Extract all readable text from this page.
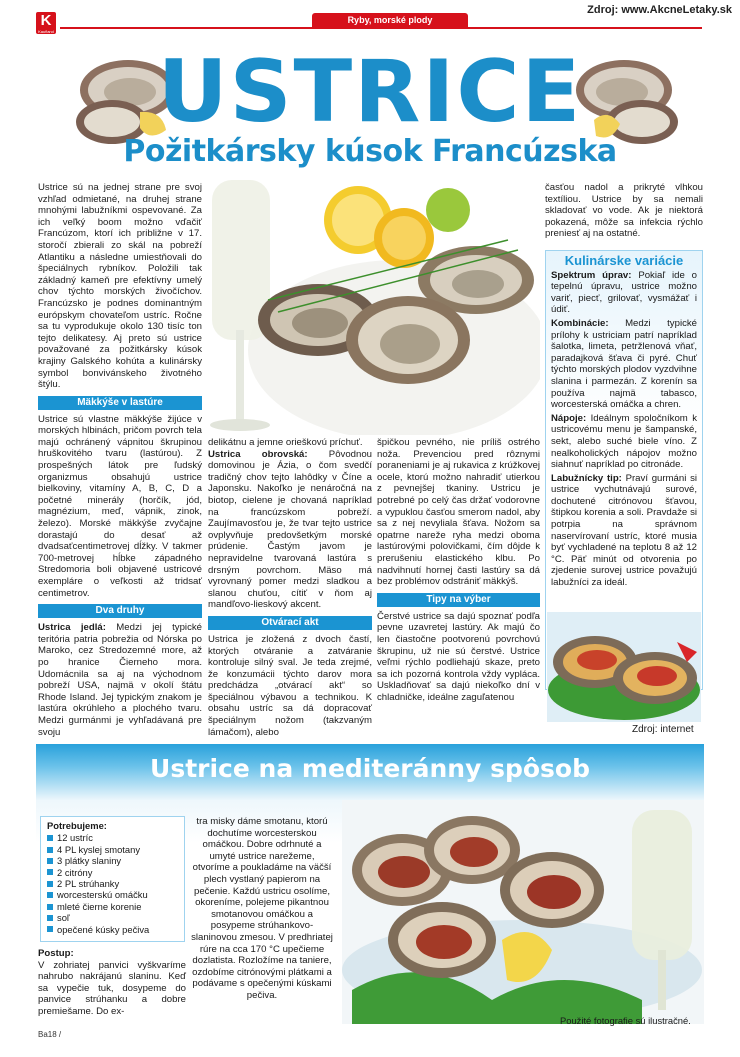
Zdroj: www.AkcneLetaky.sk
K
Kaufland
Ryby, morské plody
USTRICE
Požitkársky kúsok Francúzska

Ustrice sú na jednej strane pre svoj vzhľad odmietané, na druhej strane mnohými labužníkmi ospevované. Za ich veľký boom možno vďačiť Francúzom, ktorí ich približne v 17. storočí zbierali zo skál na pobreží Atlantiku a následne umiestňovali do špeciálnych rybníkov. Položili tak základný kameň pre efektívny umelý chov týchto morských živočíchov. Francúzsko je podnes dominantným európskym chovateľom ustríc. Ročne sa tu vyprodukuje okolo 130 tisíc ton tejto delikatesy. Aj preto sú ustrice považované za požitkársky kúsok krajiny Galského kohúta a kulinársky symbol bonvivánskeho životného štýlu.

Mäkkýše v lastúre

Ustrice sú vlastne mäkkýše žijúce v morských hlbinách, pričom povrch tela majú ochránený vápnitou škrupinou hruškovitého tvaru (lastúrou). Z prospešných látok pre ľudský organizmus obsahujú ustrice bielkoviny, vitamíny A, B, C, D a početné minerály (horčík, jód, magnézium, meď, vápnik, zinok, železo). Morské mäkkýše zvyčajne dorastajú do desať až dvadsaťcentimetrovej dĺžky. V takmer 700-metrovej hĺbke západného Stredomoria boli objavené ustricové exempláre o veľkosti až tridsať centimetrov.

Dva druhy

Ustrica jedlá: Medzi jej typické teritória patria pobrežia od Nórska po Maroko, cez Stredozemné more, až po hranice Čierneho mora. Udomácnila sa aj na východnom pobreží USA, najmä v okolí štátu Rhode Island. Jej typickým znakom je lastúra okrúhleho a plochého tvaru. Medzi gurmánmi je vyhľadávaná pre svoju

delikátnu a jemne orieškovú príchuť.

Ustrica obrovská: Pôvodnou domovinou je Ázia, o čom svedčí tradičný chov tejto lahôdky v Číne a Japonsku. Nakoľko je nenáročná na biotop, cielene je chovaná napríklad na francúzskom pobreží. Zaujímavosťou je, že tvar tejto ustrice ovplyvňuje predovšetkým morské prúdenie. Častým javom je nepravidelne tvarovaná lastúra s drsným povrchom. Mäso má vyrovnaný pomer medzi sladkou a slanou chuťou, cítiť v ňom aj mandľovo-lieskový akcent.

Otvárací akt

Ustrica je zložená z dvoch častí, ktorých otváranie a zatváranie kontroluje silný sval. Je teda zrejmé, že konzumácii týchto darov mora predchádza „otvárací akt“ so špeciálnou výbavou a technikou. K obsahu ustríc sa dá dopracovať špeciálnym nožom (takzvaným lámačom), alebo

špičkou pevného, nie príliš ostrého noža. Prevenciou pred rôznymi poraneniami je aj rukavica z krúžkovej ocele, ktorú možno nahradiť utierkou z pevnejšej tkaniny. Ustricu je potrebné po celý čas držať vodorovne a vypuklou časťou smerom nadol, aby sa z nej nevyliala šťava. Nožom sa opatrne nareže ryha medzi oboma lastúrovými polovičkami, čím dôjde k prerušeniu elastického klbu. Po nadvihnutí hornej časti lastúry sa dá bez problémov odstrániť mäkkýš.

Tipy na výber

Čerstvé ustrice sa dajú spoznať podľa pevne uzavretej lastúry. Ak majú čo len čiastočne pootvorenú povrchovú škrupinu, už nie sú čerstvé. Ustrice veľmi rýchlo podliehajú skaze, preto sa ich pozorná kontrola vždy vypláca. Uskladňovať sa dajú niekoľko dní v chladničke, ideálne zaguľatenou

časťou nadol a prikryté vlhkou textíliou. Ustrice by sa nemali skladovať vo vode. Ak je niektorá pokazená, môže sa infekcia rýchlo preniesť aj na ostatné.

Kulinárske variácie

Spektrum úprav: Pokiaľ ide o tepelnú úpravu, ustrice možno variť, piecť, grilovať, vysmážať i údiť.

Kombinácie: Medzi typické prílohy k ustriciam patrí napríklad šalotka, limeta, petržlenová vňať, paradajková šťava či pyré. Chuť týchto morských plodov vyzdvihne slanina i parmezán. Z korenín sa používa najmä tabasco, worcesterská omáčka a chren.

Nápoje: Ideálnym spoločníkom k ustricovému menu je šampanské, sekt, alebo suché biele víno. Z nealkoholických nápojov možno siahnuť napríklad po citronáde.

Labužnícky tip: Praví gurmáni si ustrice vychutnávajú surové, dochutené citrónovou šťavou, štipkou korenia a soli. Pravdaže si potrpia na správnom naservírovaní ustríc, ktoré musia byť vychladené na teplotu 8 až 12 °C. Päť minút od otvorenia po zjedenie surovej ustrice považujú labužníci za ideál.

Zdroj: internet
Ustrice na mediteránny spôsob
Potrebujeme:
12 ustríc
4 PL kyslej smotany
3 plátky slaniny
2 citróny
2 PL strúhanky
worcesterskú omáčku
mleté čierne korenie
soľ
opečené kúsky pečiva
Postup:

V zohriatej panvici vyškvaríme nahrubo nakrájanú slaninu. Keď sa vypečie tuk, dosypeme do panvice strúhanku a dobre premiešame. Do ex-

tra misky dáme smotanu, ktorú dochutíme worcesterskou omáčkou. Dobre odrhnuté a umyté ustrice narežeme, otvoríme a poukladáme na väčší plech vystlaný papierom na pečenie. Každú ustricu osolíme, okoreníme, polejeme pikantnou smotanovou omáčkou a posypeme strúhankovo-slaninovou zmesou. V predhriatej rúre na cca 170 °C upečieme dozlatista. Rozložíme na taniere, ozdobíme citrónovými plátkami a podávame s opečenými kúskami pečiva.

Použité fotografie sú ilustračné.
Ba18 /
